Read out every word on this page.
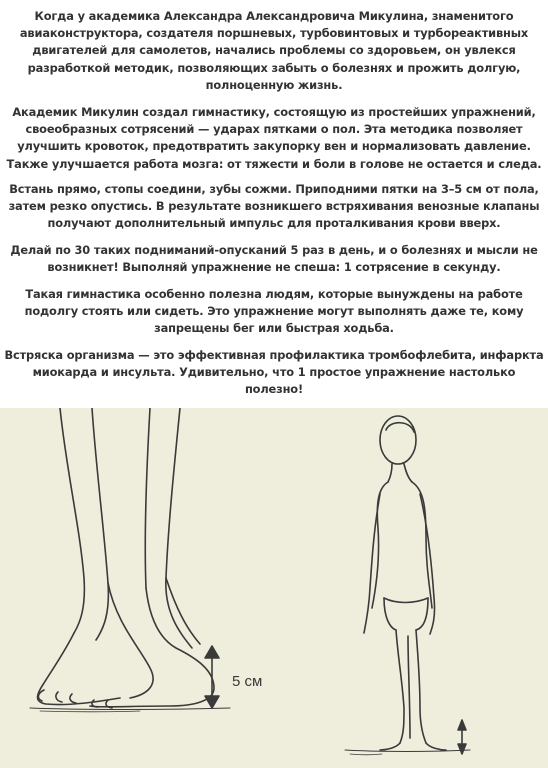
Когда у академика Александра Александровича Микулина, знаменитого авиаконструктора, создателя поршневых, турбовинтовых и турбореактивных двигателей для самолетов, начались проблемы со здоровьем, он увлекся разработкой методик, позволяющих забыть о болезнях и прожить долгую, полноценную жизнь.

Академик Микулин создал гимнастику, состоящую из простейших упражнений, своеобразных сотрясений — ударах пятками о пол. Эта методика позволяет улучшить кровоток, предотвратить закупорку вен и нормализовать давление. Также улучшается работа мозга: от тяжести и боли в голове не остается и следа.

Встань прямо, стопы соедини, зубы сожми. Приподними пятки на 3–5 см от пола, затем резко опустись. В результате возникшего встряхивания венозные клапаны получают дополнительный импульс для проталкивания крови вверх.

Делай по 30 таких подниманий-опусканий 5 раз в день, и о болезнях и мысли не возникнет! Выполняй упражнение не спеша: 1 сотрясение в секунду.

Такая гимнастика особенно полезна людям, которые вынуждены на работе подолгу стоять или сидеть. Это упражнение могут выполнять даже те, кому запрещены бег или быстрая ходьба.

Встряска организма — это эффективная профилактика тромбофлебита, инфаркта миокарда и инсульта. Удивительно, что 1 простое упражнение настолько полезно!

5 см
